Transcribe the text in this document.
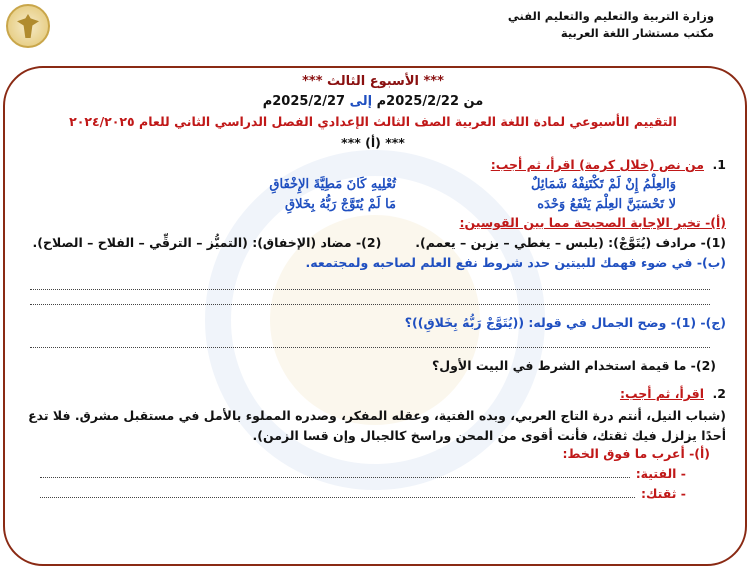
وزارة التربية والتعليم والتعليم الفني
مكتب مستشار اللغة العربية
*** الأسبوع الثالث ***
من 2025/2/22م إلى 2025/2/27م
التقييم الأسبوعي لمادة اللغة العربية الصف الثالث الإعدادي الفصل الدراسي الثاني للعام ٢٠٢٤/٢٠٢٥
*** (أ) ***
1.
من نص (خلال كرمة) اقرأ، ثم أجب:
وَالعِلْمُ إِنْ لَمْ تَكْتَنِفْهُ شَمَائِلٌ
تُعْلِيهِ كَانَ مَطِيَّةَ الإِخْفَاقِ
لا تَحْسَبَنَّ العِلْمَ يَنْفَعُ وَحْدَه
مَا لَمْ يُتَوَّجْ رَبُّهُ بِخَلاقِ
(أ)- تخير الإجابة الصحيحة مما بين القوسين:
(1)- مرادف (يُتَوَّجْ): (يلبس – يغطي – يزين – يعمم).
(2)- مضاد (الإخفاق): (التميُّز – الترقِّي – الفلاح – الصلاح).
(ب)- في ضوء فهمك للبيتين حدد شروط نفع العلم لصاحبه ولمجتمعه.
(ج)- (1)- وضح الجمال في قوله: ((يُتَوَّجْ رَبُّهُ بِخَلاقِ))؟
(2)- ما قيمة استخدام الشرط في البيت الأول؟
2.
اقرأ، ثم أجب:
(شباب النيل، أنتم درة التاج العربي، وبده الفتية، وعقله المفكر، وصدره المملوء بالأمل في مستقبل مشرق. فلا تدع أحدًا يزلزل فيك ثقتك، فأنت أقوى من المحن وراسخ كالجبال وإن قسا الزمن).
(أ)- أعرب ما فوق الخط:
- الفتية:
- ثقتك:
